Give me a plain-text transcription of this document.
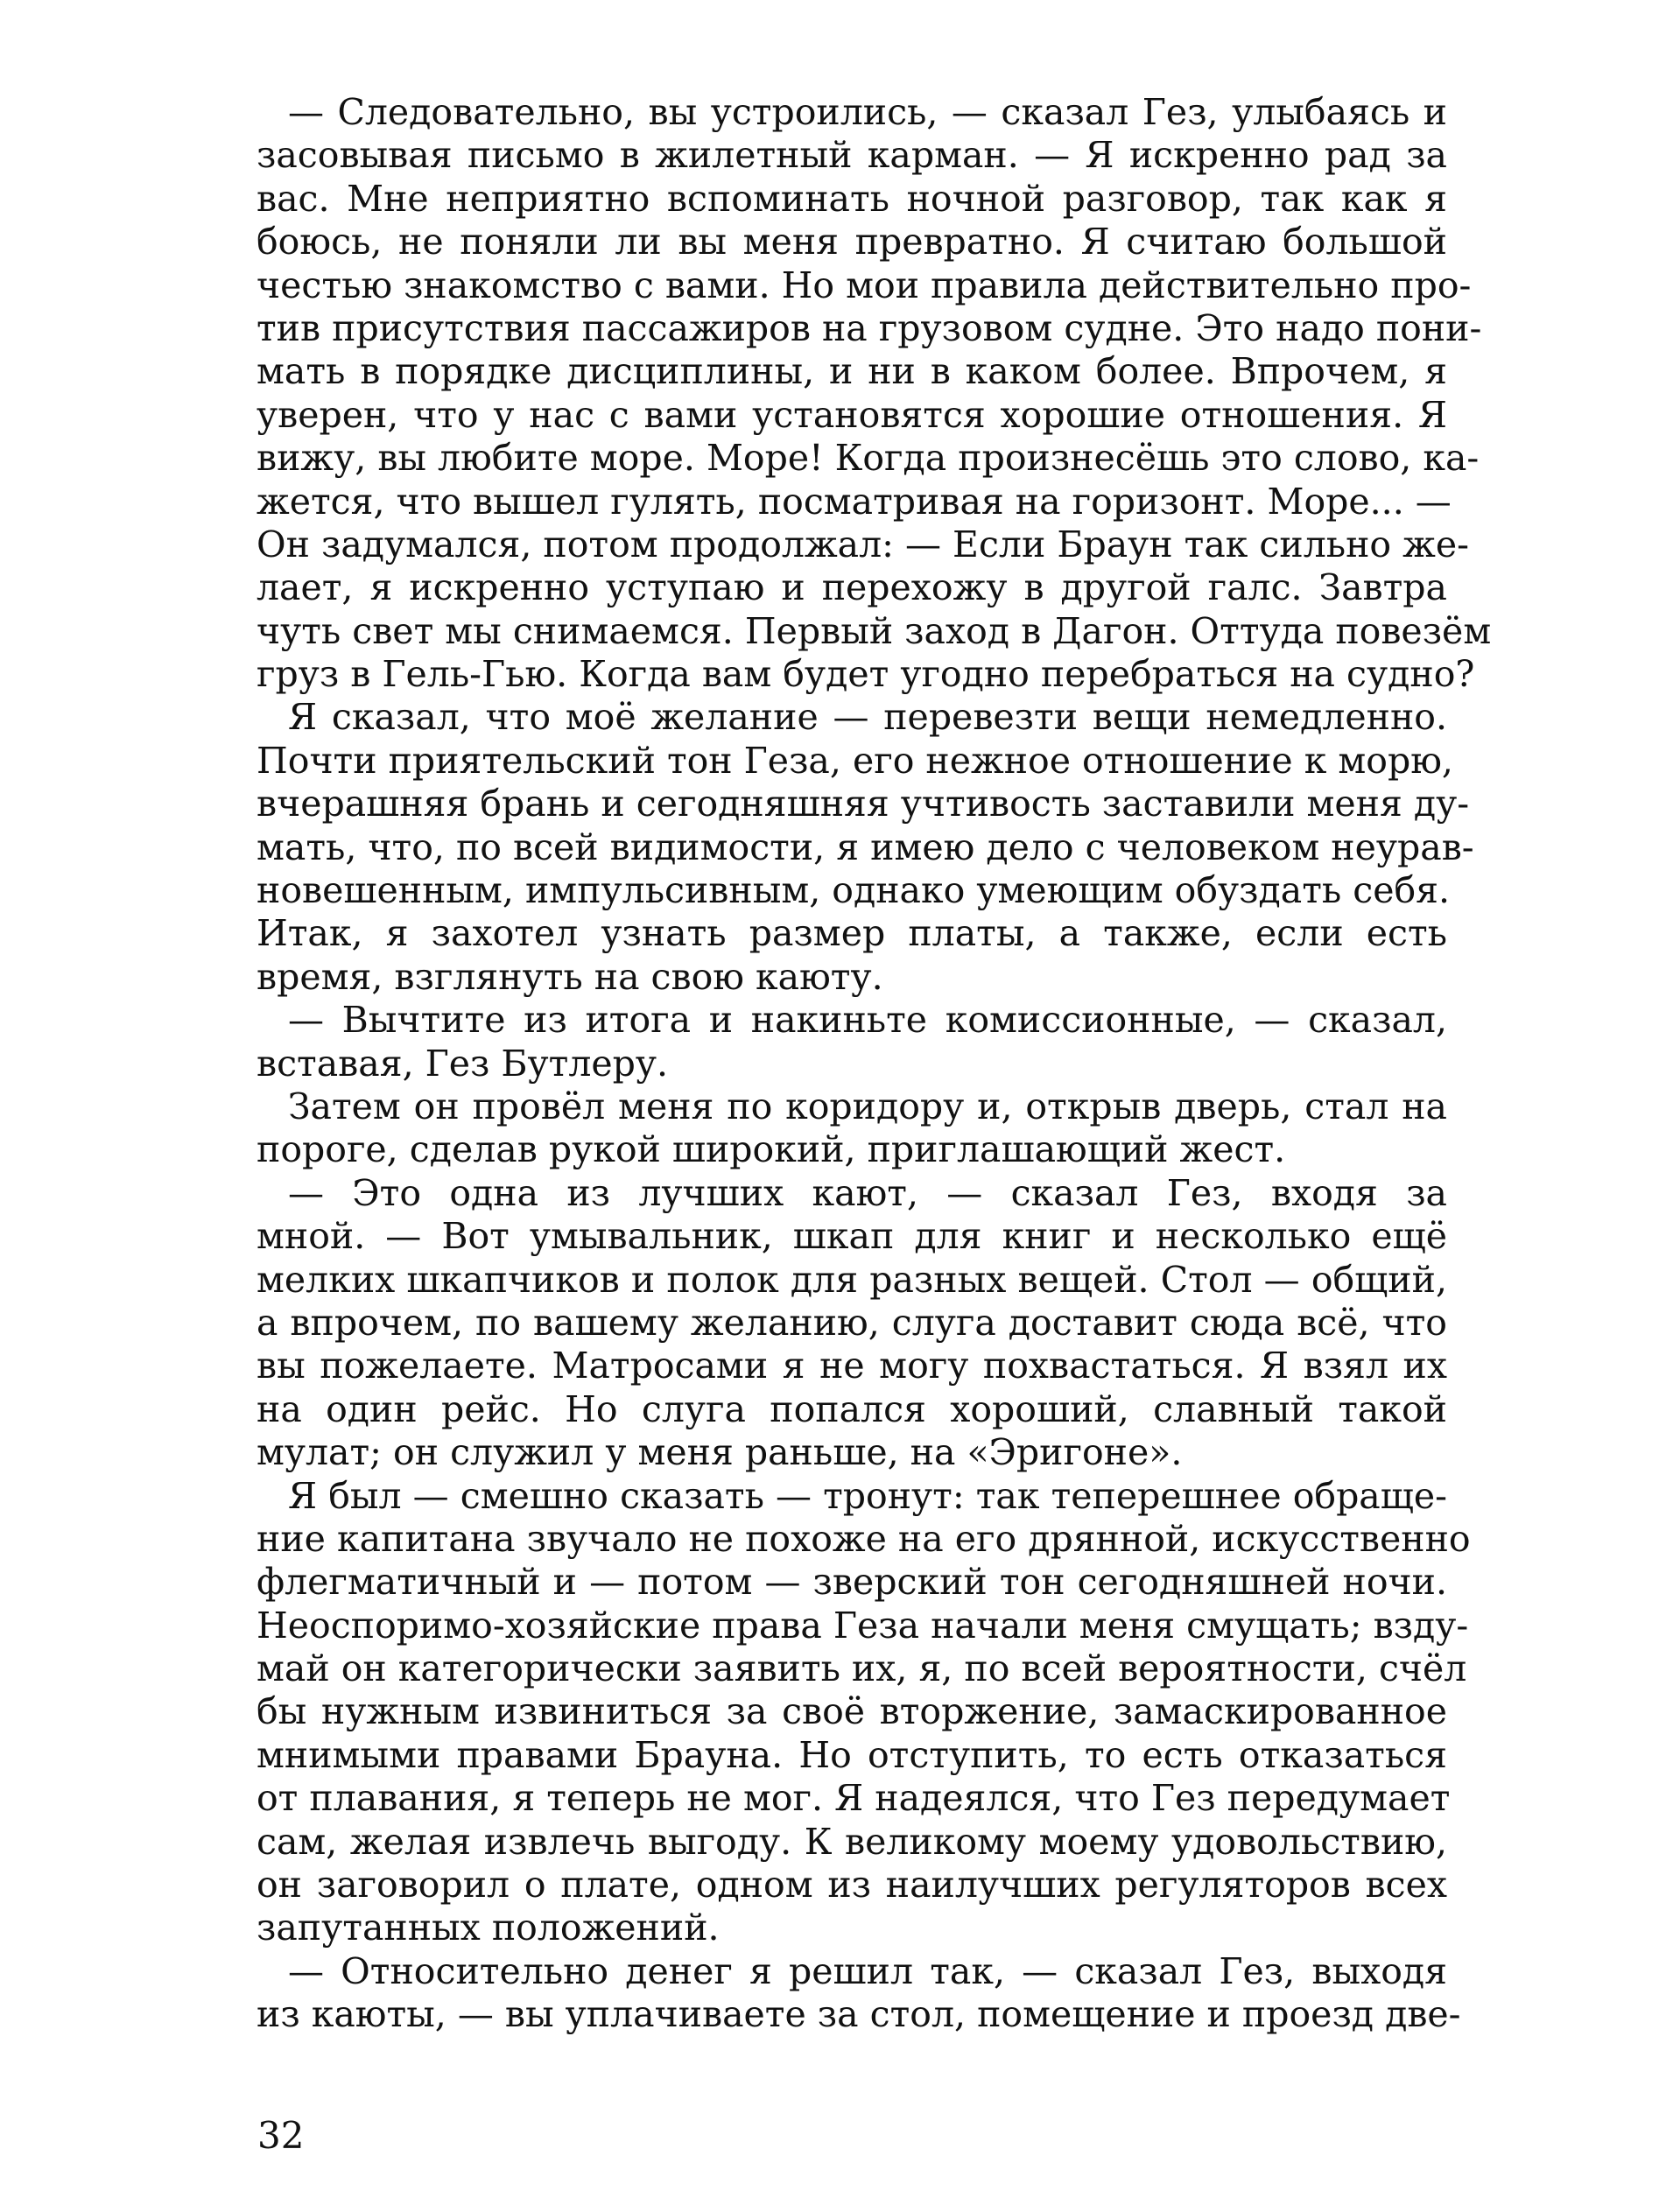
— Следовательно, вы устроились, — сказал Гез, улыбаясь и
засовывая письмо в жилетный карман. — Я искренно рад за
вас. Мне неприятно вспоминать ночной разговор, так как я
боюсь, не поняли ли вы меня превратно. Я считаю большой
честью знакомство с вами. Но мои правила действительно про-
тив присутствия пассажиров на грузовом судне. Это надо пони-
мать в порядке дисциплины, и ни в каком более. Впрочем, я
уверен, что у нас с вами установятся хорошие отношения. Я
вижу, вы любите море. Море! Когда произнесёшь это слово, ка-
жется, что вышел гулять, посматривая на горизонт. Море... —
Он задумался, потом продолжал: — Если Браун так сильно же-
лает, я искренно уступаю и перехожу в другой галс. Завтра
чуть свет мы снимаемся. Первый заход в Дагон. Оттуда повезём
груз в Гель-Гью. Когда вам будет угодно перебраться на судно?
Я сказал, что моё желание — перевезти вещи немедленно.
Почти приятельский тон Геза, его нежное отношение к морю,
вчерашняя брань и сегодняшняя учтивость заставили меня ду-
мать, что, по всей видимости, я имею дело с человеком неурав-
новешенным, импульсивным, однако умеющим обуздать себя.
Итак, я захотел узнать размер платы, а также, если есть
время, взглянуть на свою каюту.
— Вычтите из итога и накиньте комиссионные, — сказал,
вставая, Гез Бутлеру.
Затем он провёл меня по коридору и, открыв дверь, стал на
пороге, сделав рукой широкий, приглашающий жест.
— Это одна из лучших кают, — сказал Гез, входя за
мной. — Вот умывальник, шкап для книг и несколько ещё
мелких шкапчиков и полок для разных вещей. Стол — общий,
а впрочем, по вашему желанию, слуга доставит сюда всё, что
вы пожелаете. Матросами я не могу похвастаться. Я взял их
на один рейс. Но слуга попался хороший, славный такой
мулат; он служил у меня раньше, на «Эригоне».
Я был — смешно сказать — тронут: так теперешнее обраще-
ние капитана звучало не похоже на его дрянной, искусственно
флегматичный и — потом — зверский тон сегодняшней ночи.
Неоспоримо-хозяйские права Геза начали меня смущать; взду-
май он категорически заявить их, я, по всей вероятности, счёл
бы нужным извиниться за своё вторжение, замаскированное
мнимыми правами Брауна. Но отступить, то есть отказаться
от плавания, я теперь не мог. Я надеялся, что Гез передумает
сам, желая извлечь выгоду. К великому моему удовольствию,
он заговорил о плате, одном из наилучших регуляторов всех
запутанных положений.
— Относительно денег я решил так, — сказал Гез, выходя
из каюты, — вы уплачиваете за стол, помещение и проезд две-
32
